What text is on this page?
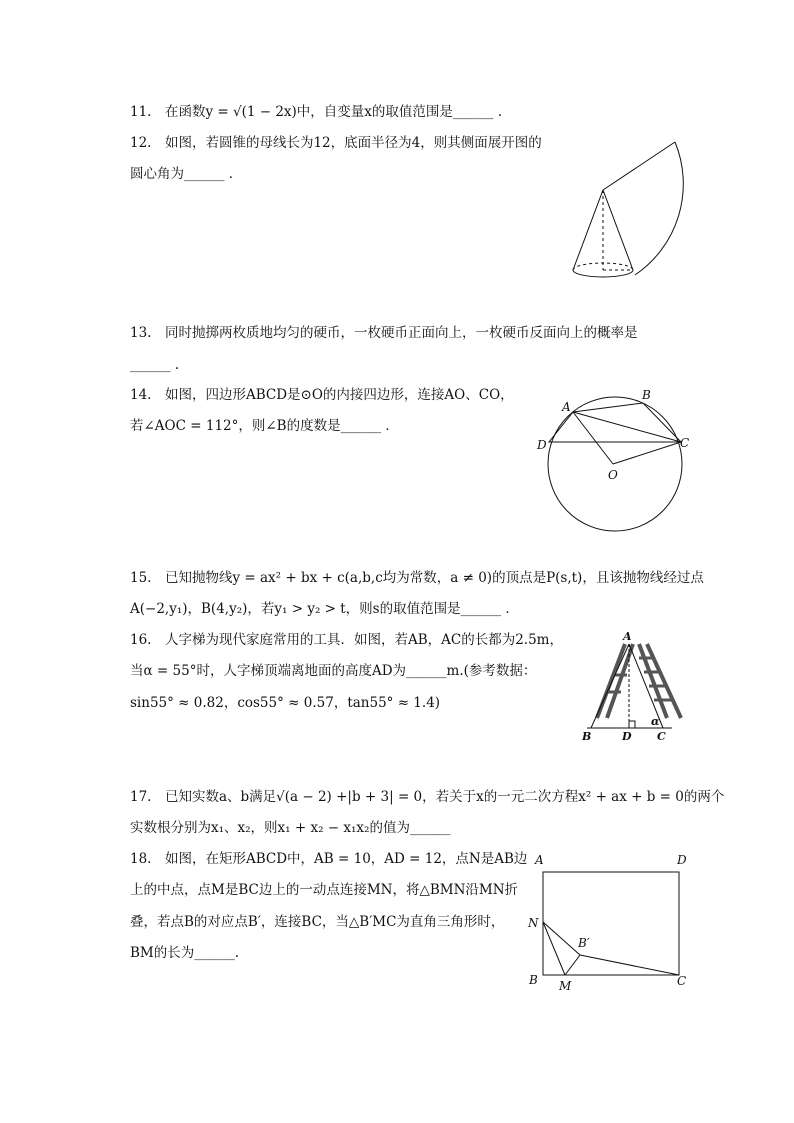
11.　在函数y = √(1 − 2x)中，自变量x的取值范围是______ .
12.　如图，若圆锥的母线长为12，底面半径为4，则其侧面展开图的
圆心角为______ ．
13.　同时抛掷两枚质地均匀的硬币，一枚硬币正面向上，一枚硬币反面向上的概率是
______ .
14.　如图，四边形ABCD是⊙O的内接四边形，连接AO、CO，
若∠AOC = 112°，则∠B的度数是______ ．
15.　已知抛物线y = ax² + bx + c(a,b,c均为常数，a ≠ 0)的顶点是P(s,t)，且该抛物线经过点
A(−2,y₁)，B(4,y₂)，若y₁ > y₂ > t，则s的取值范围是______ ．
16.　人字梯为现代家庭常用的工具．如图，若AB，AC的长都为2.5m，
当α = 55°时，人字梯顶端离地面的高度AD为______m.(参考数据：
sin55° ≈ 0.82，cos55° ≈ 0.57，tan55° ≈ 1.4)
17.　已知实数a、b满足√(a − 2) +|b + 3| = 0，若关于x的一元二次方程x² + ax + b = 0的两个
实数根分别为x₁、x₂，则x₁ + x₂ − x₁x₂的值为______
18.　如图，在矩形ABCD中，AB = 10，AD = 12，点N是AB边
上的中点，点M是BC边上的一动点连接MN，将△BMN沿MN折
叠，若点B的对应点B′，连接BC，当△B′MC为直角三角形时，
BM的长为______.
A
B
C
D
O
A
B	D C
α
A	D
N
B′
B M	C
